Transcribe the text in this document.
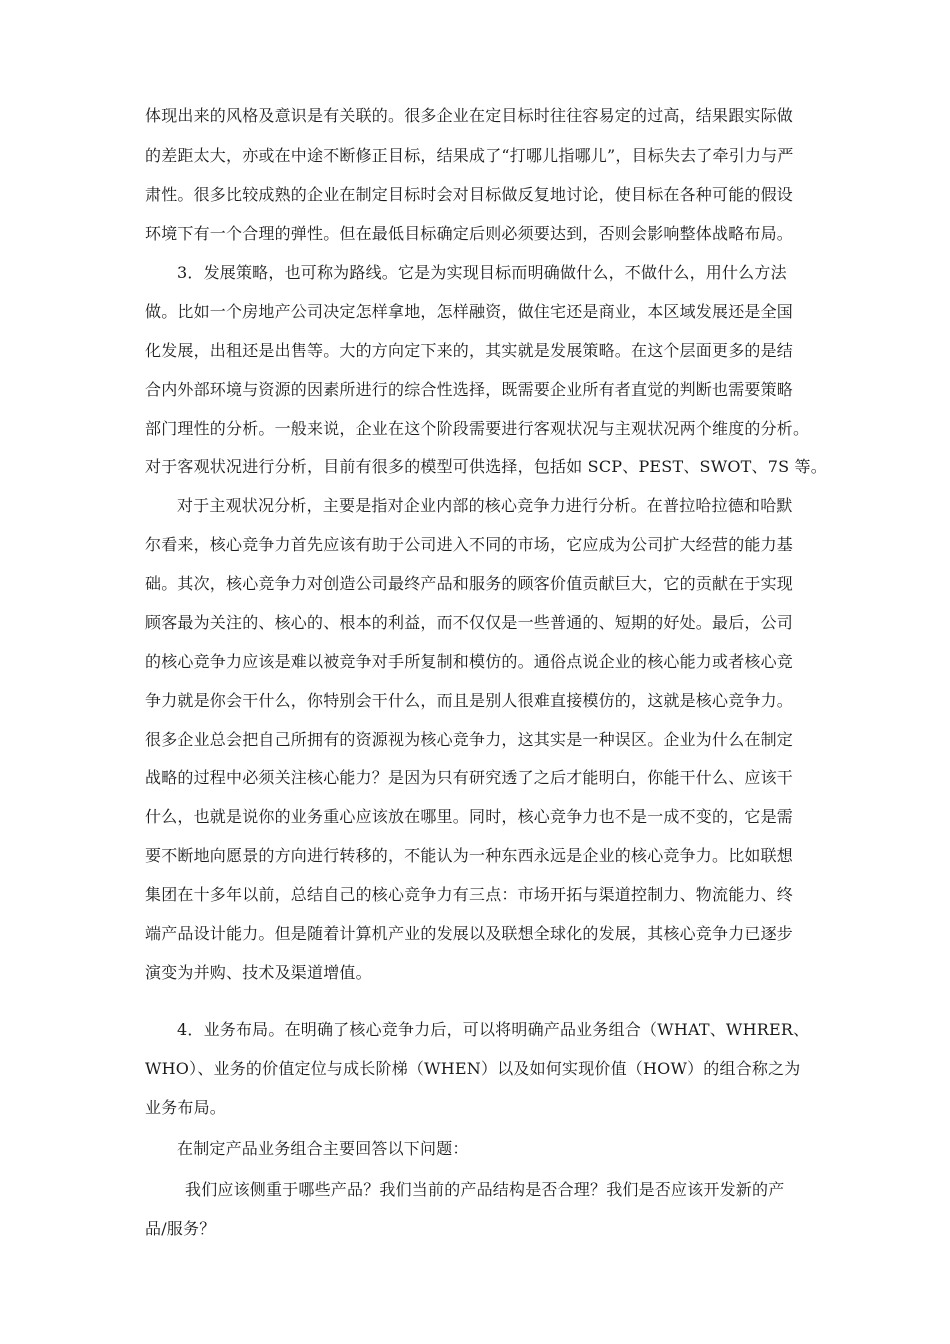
体现出来的风格及意识是有关联的。很多企业在定目标时往往容易定的过高，结果跟实际做
的差距太大，亦或在中途不断修正目标，结果成了“打哪儿指哪儿”，目标失去了牵引力与严
肃性。很多比较成熟的企业在制定目标时会对目标做反复地讨论，使目标在各种可能的假设
环境下有一个合理的弹性。但在最低目标确定后则必须要达到，否则会影响整体战略布局。
3．发展策略，也可称为路线。它是为实现目标而明确做什么，不做什么，用什么方法
做。比如一个房地产公司决定怎样拿地，怎样融资，做住宅还是商业，本区域发展还是全国
化发展，出租还是出售等。大的方向定下来的，其实就是发展策略。在这个层面更多的是结
合内外部环境与资源的因素所进行的综合性选择，既需要企业所有者直觉的判断也需要策略
部门理性的分析。一般来说，企业在这个阶段需要进行客观状况与主观状况两个维度的分析。
对于客观状况进行分析，目前有很多的模型可供选择，包括如 SCP、PEST、SWOT、7S 等。
对于主观状况分析，主要是指对企业内部的核心竞争力进行分析。在普拉哈拉德和哈默
尔看来，核心竞争力首先应该有助于公司进入不同的市场，它应成为公司扩大经营的能力基
础。其次，核心竞争力对创造公司最终产品和服务的顾客价值贡献巨大，它的贡献在于实现
顾客最为关注的、核心的、根本的利益，而不仅仅是一些普通的、短期的好处。最后，公司
的核心竞争力应该是难以被竞争对手所复制和模仿的。通俗点说企业的核心能力或者核心竞
争力就是你会干什么，你特别会干什么，而且是别人很难直接模仿的，这就是核心竞争力。
很多企业总会把自己所拥有的资源视为核心竞争力，这其实是一种误区。企业为什么在制定
战略的过程中必须关注核心能力？是因为只有研究透了之后才能明白，你能干什么、应该干
什么，也就是说你的业务重心应该放在哪里。同时，核心竞争力也不是一成不变的，它是需
要不断地向愿景的方向进行转移的，不能认为一种东西永远是企业的核心竞争力。比如联想
集团在十多年以前，总结自己的核心竞争力有三点：市场开拓与渠道控制力、物流能力、终
端产品设计能力。但是随着计算机产业的发展以及联想全球化的发展，其核心竞争力已逐步
演变为并购、技术及渠道增值。
4．业务布局。在明确了核心竞争力后，可以将明确产品业务组合（WHAT、WHRER、
WHO）、业务的价值定位与成长阶梯（WHEN）以及如何实现价值（HOW）的组合称之为
业务布局。
在制定产品业务组合主要回答以下问题：
我们应该侧重于哪些产品？我们当前的产品结构是否合理？我们是否应该开发新的产
品/服务？
